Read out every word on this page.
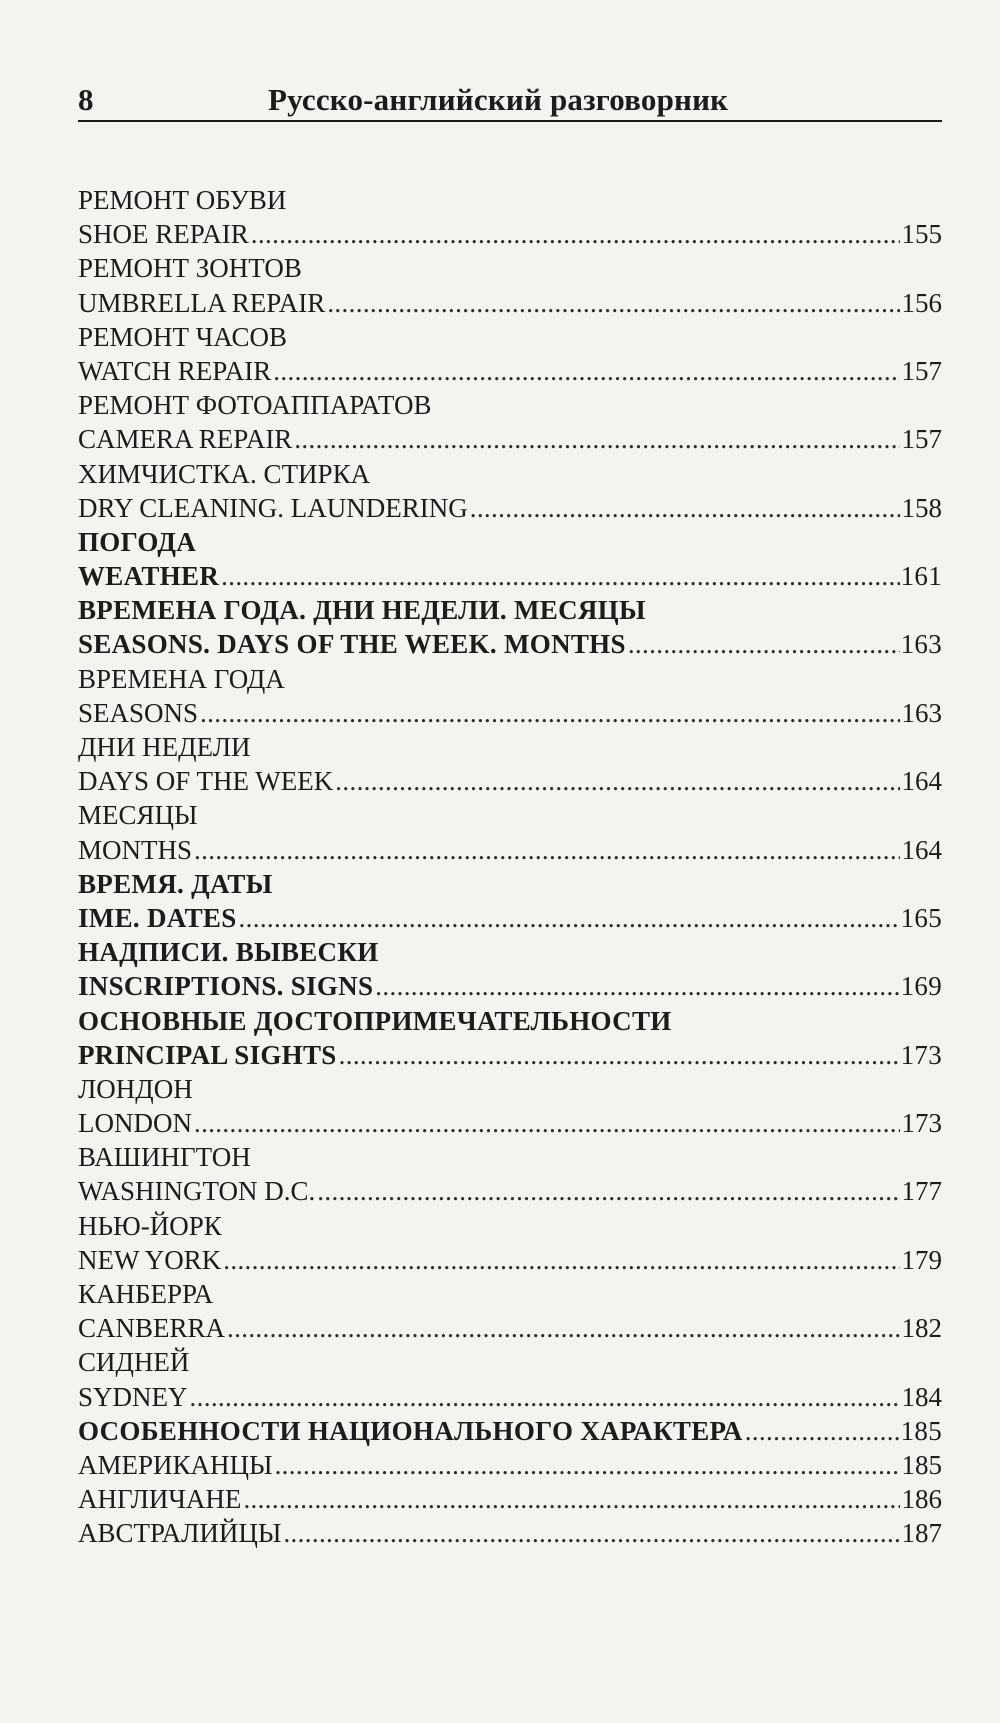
8	Русско-английский разговорник
РЕМОНТ ОБУВИ
SHOE REPAIR . . .	155
РЕМОНТ ЗОНТОВ
UMBRELLA REPAIR . . .	156
РЕМОНТ ЧАСОВ
WATCH REPAIR . . .	157
РЕМОНТ ФОТОАППАРАТОВ
CAMERA REPAIR . . .	157
ХИМЧИСТКА. СТИРКА
DRY CLEANING. LAUNDERING . . .	158
ПОГОДА
WEATHER . . .	161
ВРЕМЕНА ГОДА. ДНИ НЕДЕЛИ. МЕСЯЦЫ
SEASONS. DAYS OF THE WEEK. MONTHS . . .	163
ВРЕМЕНА ГОДА
SEASONS . . .	163
ДНИ НЕДЕЛИ
DAYS OF THE WEEK . . .	164
МЕСЯЦЫ
MONTHS . . .	164
ВРЕМЯ. ДАТЫ
IME. DATES . . .	165
НАДПИСИ. ВЫВЕСКИ
INSCRIPTIONS. SIGNS . . .	169
ОСНОВНЫЕ ДОСТОПРИМЕЧАТЕЛЬНОСТИ
PRINCIPAL SIGHTS . . .	173
ЛОНДОН
LONDON . . .	173
ВАШИНГТОН
WASHINGTON D.C. . . .	177
НЬЮ-ЙОРК
NEW YORK . . .	179
КАНБЕРРА
CANBERRA . . .	182
СИДНЕЙ
SYDNEY . . .	184
ОСОБЕННОСТИ НАЦИОНАЛЬНОГО ХАРАКТЕРА . . .	185
АМЕРИКАНЦЫ . . .	185
АНГЛИЧАНЕ . . .	186
АВСТРАЛИЙЦЫ . . .	187
